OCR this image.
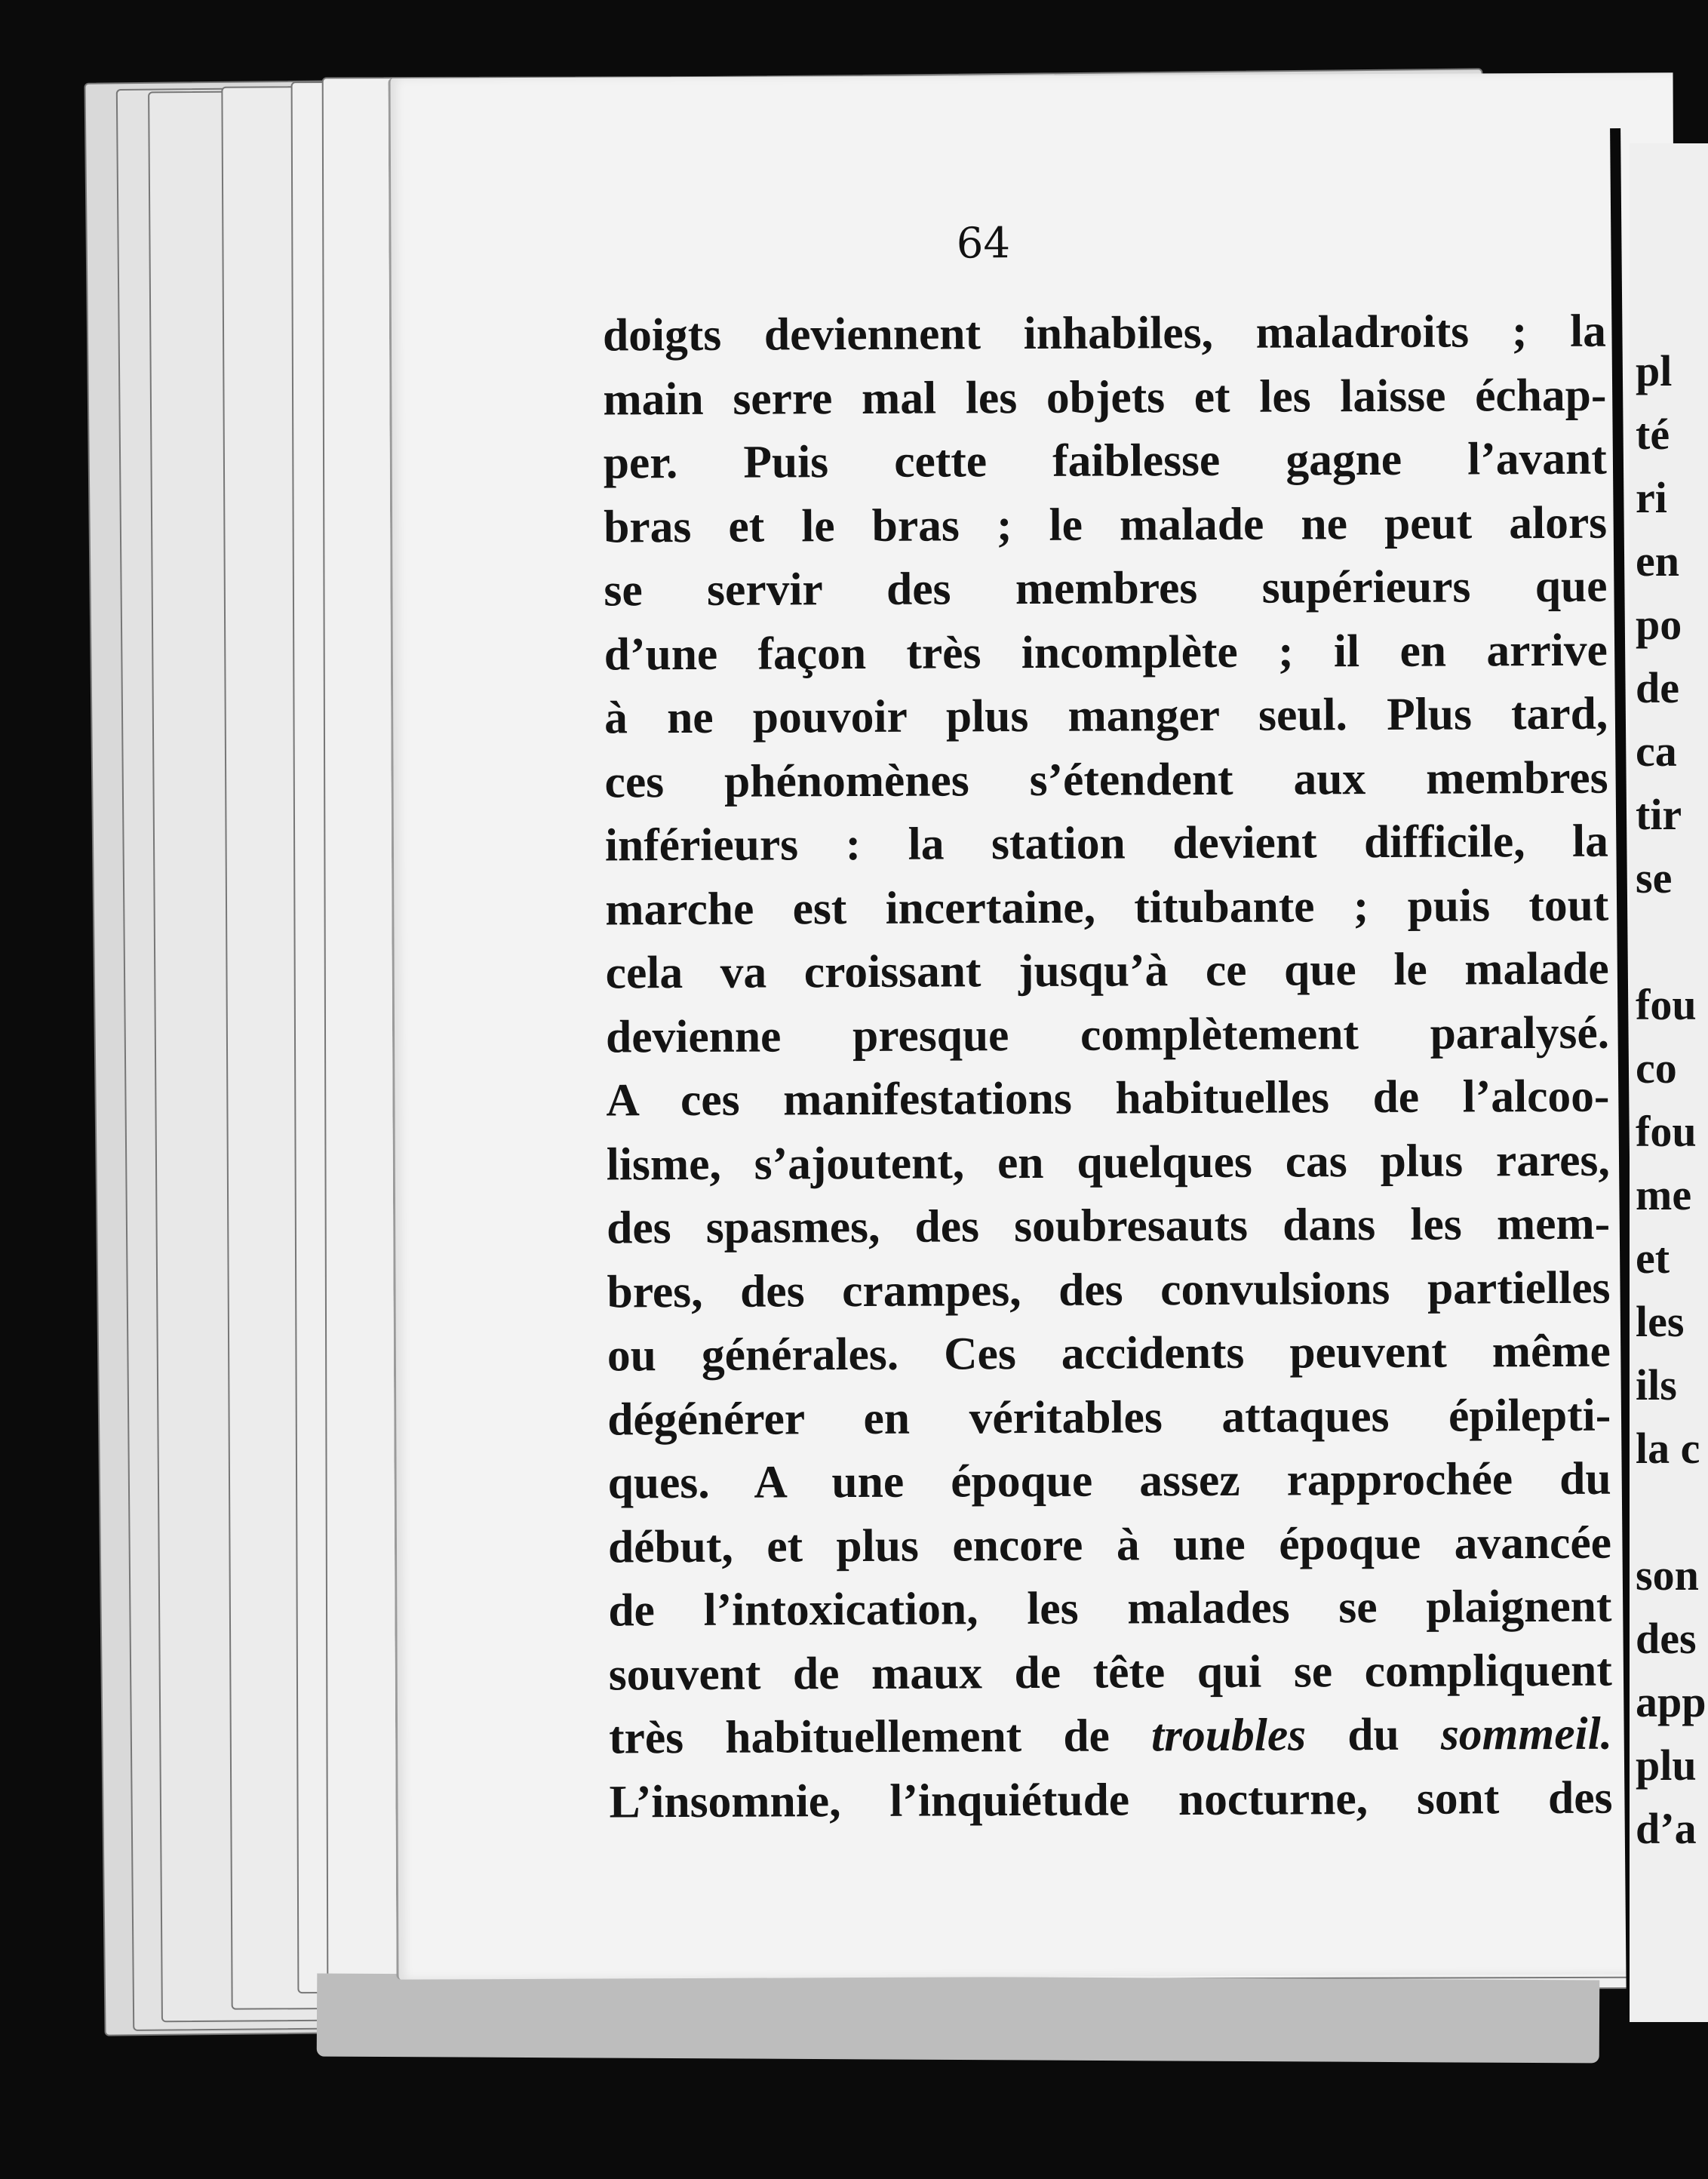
64
doigts deviennent inhabiles, maladroits ; la
main serre mal les objets et les laisse échap-
per. Puis cette faiblesse gagne l’avant
bras et le bras ; le malade ne peut alors
se servir des membres supérieurs que
d’une façon très incomplète ; il en arrive
à ne pouvoir plus manger seul. Plus tard,
ces phénomènes s’étendent aux membres
inférieurs : la station devient difficile, la
marche est incertaine, titubante ; puis tout
cela va croissant jusqu’à ce que le malade
devienne presque complètement paralysé.
A ces manifestations habituelles de l’alcoo-
lisme, s’ajoutent, en quelques cas plus rares,
des spasmes, des soubresauts dans les mem-
bres, des crampes, des convulsions partielles
ou générales. Ces accidents peuvent même
dégénérer en véritables attaques épilepti-
ques. A une époque assez rapprochée du
début, et plus encore à une époque avancée
de l’intoxication, les malades se plaignent
souvent de maux de tête qui se compliquent
très habituellement de troubles du sommeil.
L’insomnie, l’inquiétude nocturne, sont des
pl
té
ri
en
po
de
ca
tir
se

fou
co
fou
me
et
les
ils
la c

son
des
app
plu
d’a
